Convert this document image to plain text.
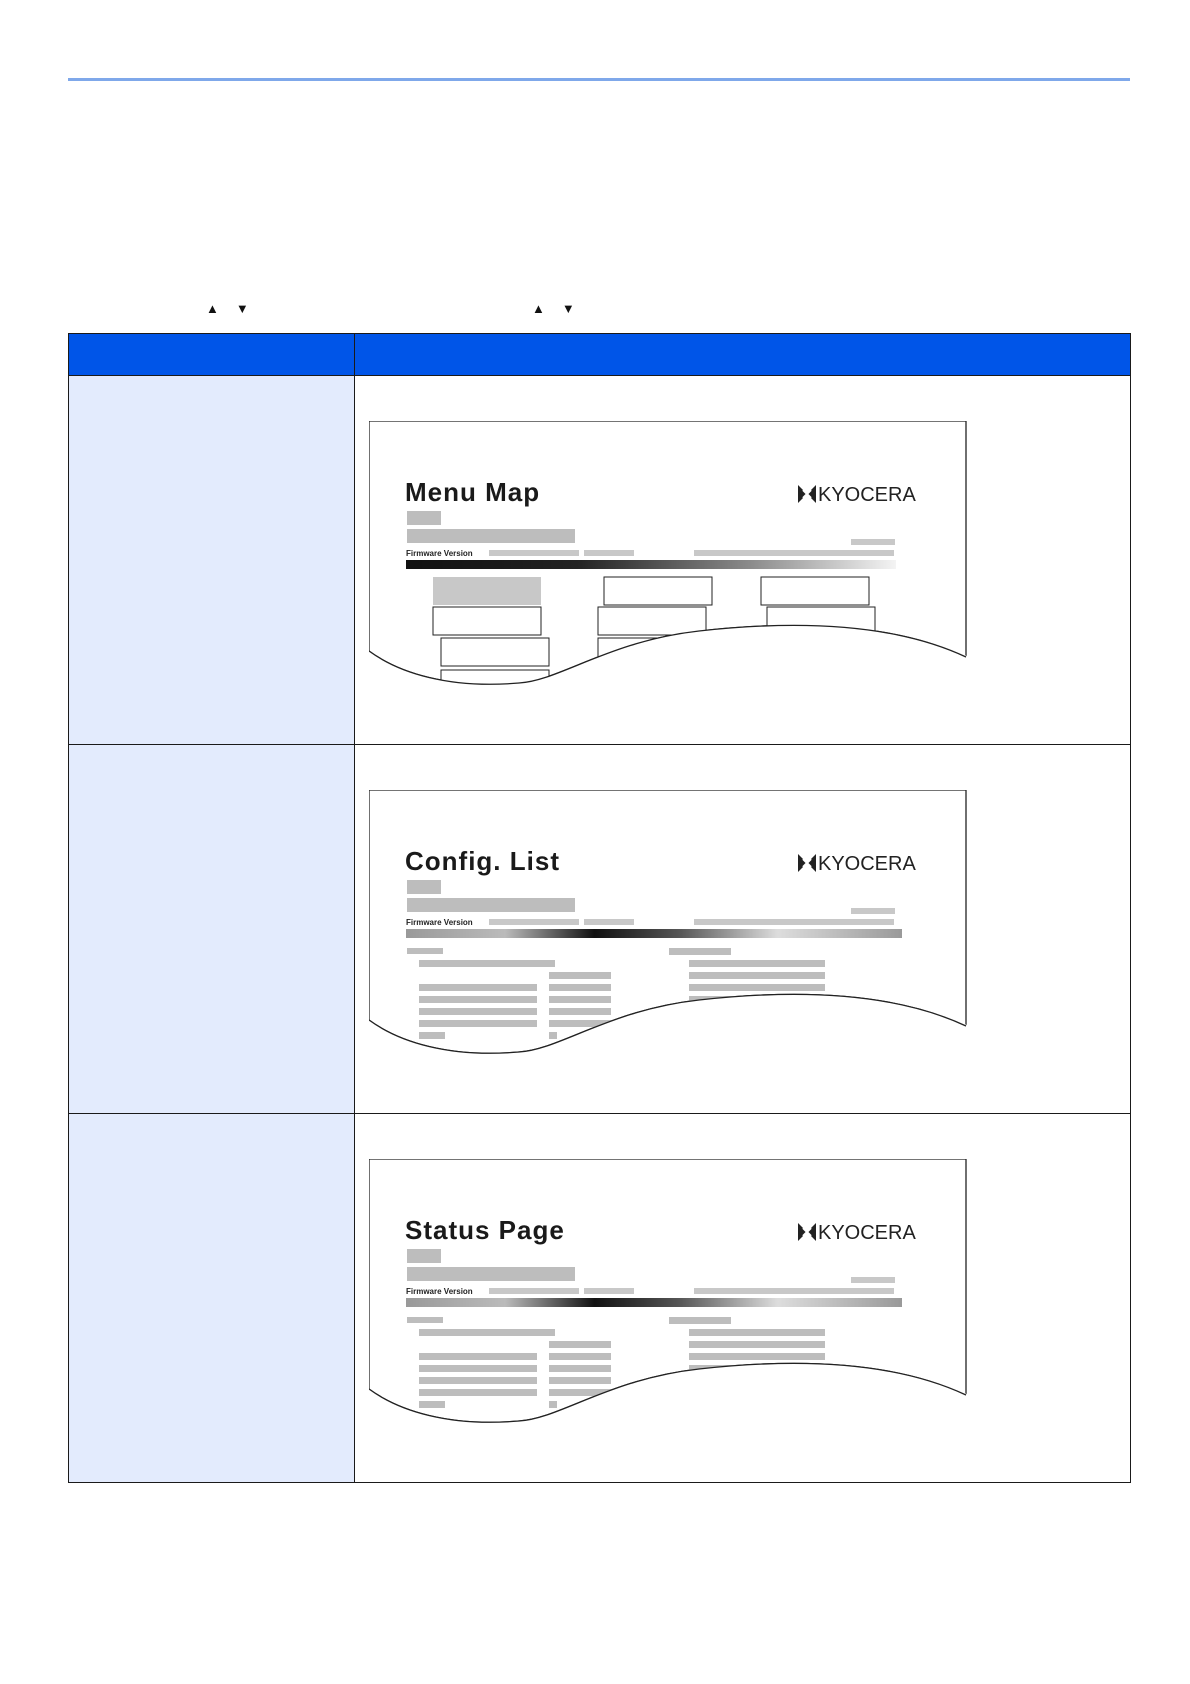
▲ ▼	▲ ▼

Menu Map KYOCERA
Firmware Version

Config. List KYOCERA
Firmware Version

Status Page KYOCERA
Firmware Version
